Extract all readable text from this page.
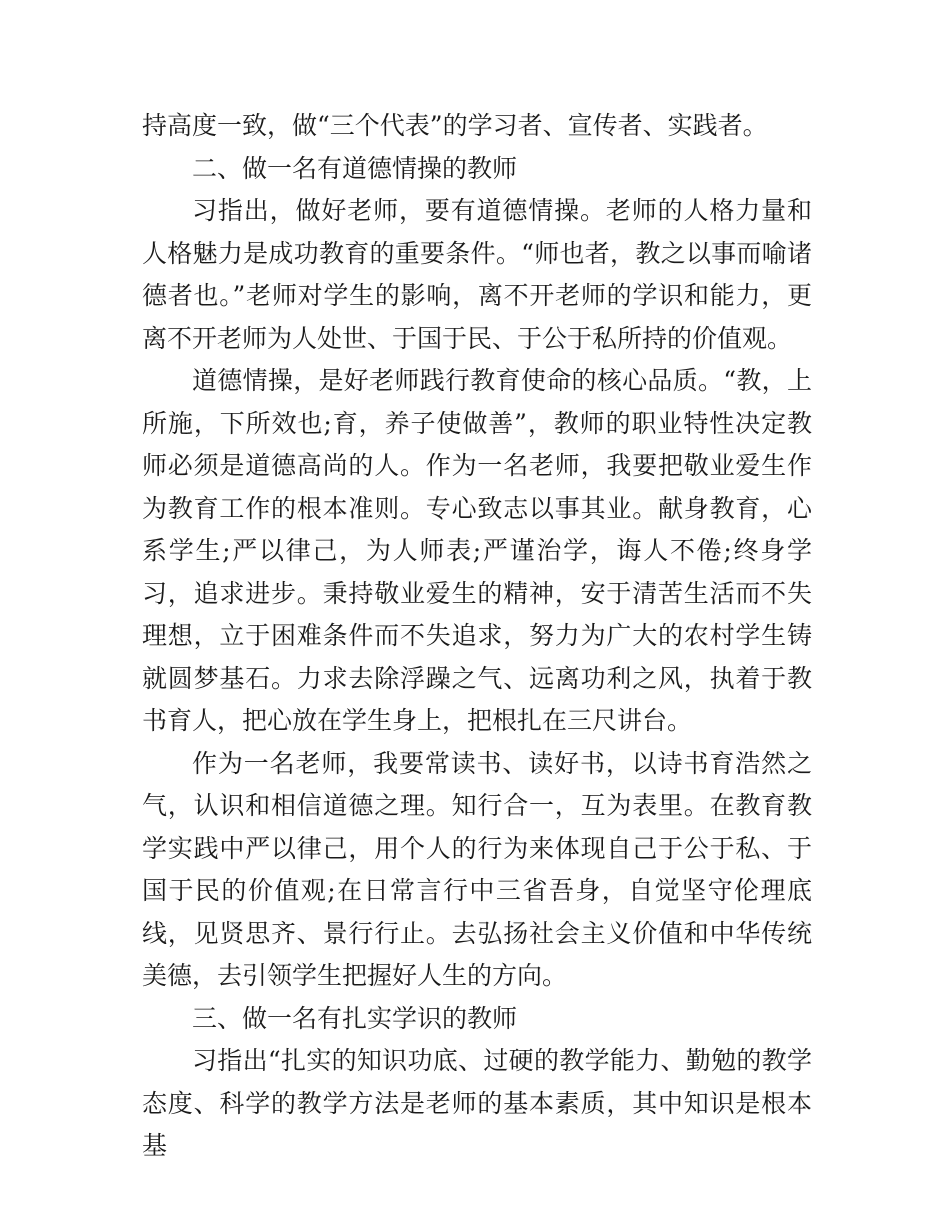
持高度一致，做“三个代表”的学习者、宣传者、实践者。

二、做一名有道德情操的教师

习指出，做好老师，要有道德情操。老师的人格力量和人格魅力是成功教育的重要条件。“师也者，教之以事而喻诸德者也。”老师对学生的影响，离不开老师的学识和能力，更离不开老师为人处世、于国于民、于公于私所持的价值观。

道德情操，是好老师践行教育使命的核心品质。“教，上所施，下所效也;育，养子使做善”，教师的职业特性决定教师必须是道德高尚的人。作为一名老师，我要把敬业爱生作为教育工作的根本准则。专心致志以事其业。献身教育，心系学生;严以律己，为人师表;严谨治学，诲人不倦;终身学习，追求进步。秉持敬业爱生的精神，安于清苦生活而不失理想，立于困难条件而不失追求，努力为广大的农村学生铸就圆梦基石。力求去除浮躁之气、远离功利之风，执着于教书育人，把心放在学生身上，把根扎在三尺讲台。

作为一名老师，我要常读书、读好书，以诗书育浩然之气，认识和相信道德之理。知行合一，互为表里。在教育教学实践中严以律己，用个人的行为来体现自己于公于私、于国于民的价值观;在日常言行中三省吾身，自觉坚守伦理底线，见贤思齐、景行行止。去弘扬社会主义价值和中华传统美德，去引领学生把握好人生的方向。

三、做一名有扎实学识的教师

习指出“扎实的知识功底、过硬的教学能力、勤勉的教学态度、科学的教学方法是老师的基本素质，其中知识是根本基
